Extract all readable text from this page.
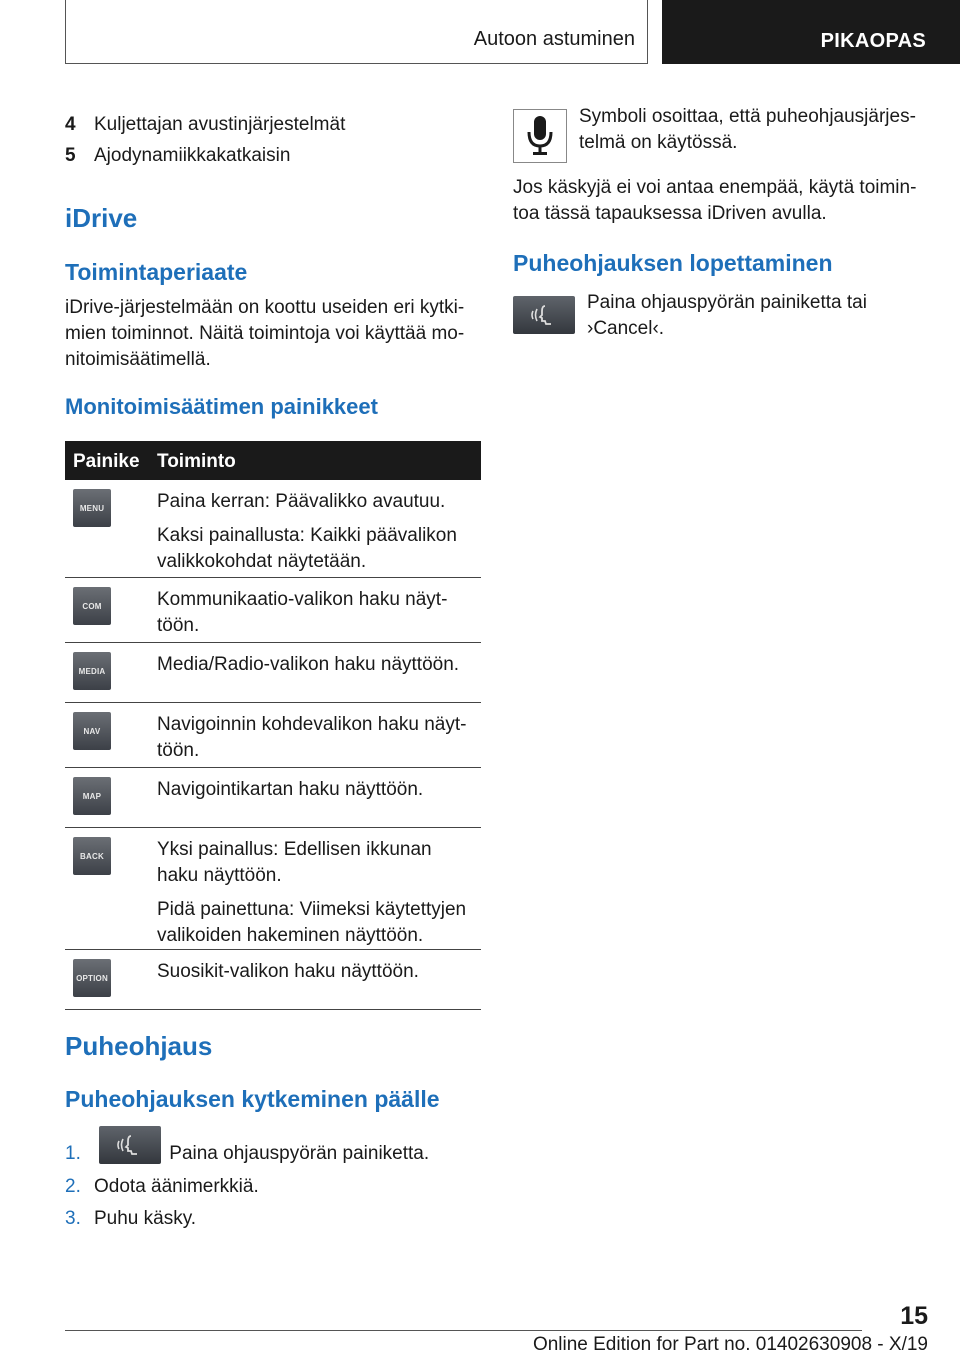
Autoon astuminen	PIKAOPAS
4 Kuljettajan avustinjärjestelmät
5 Ajodynamiikkakatkaisin
iDrive
Toimintaperiaate
iDrive-järjestelmään on koottu useiden eri kytki-
mien toiminnot. Näitä toimintoja voi käyttää mo-
nitoimisäätimellä.
Monitoimisäätimen painikkeet
Painike Toiminto
MENU	Paina kerran: Päävalikko avautuu.

Kaksi painallusta: Kaikki päävalikon valikkokohdat näytetään.

COM	Kommunikaatio-valikon haku näyt- töön.

MEDIA	Media/Radio-valikon haku näyttöön.

NAV	Navigoinnin kohdevalikon haku näyt- töön.

MAP	Navigointikartan haku näyttöön.

BACK	Yksi painallus: Edellisen ikkunan haku näyttöön.

Pidä painettuna: Viimeksi käytettyjen valikoiden hakeminen näyttöön.

OPTION	Suosikit-valikon haku näyttöön.

Puheohjaus
Puheohjauksen kytkeminen päälle
1.	Paina ohjauspyörän painiketta.
2. Odota äänimerkkiä.
3. Puhu käsky.
Symboli osoittaa, että puheohjausjärjes-
telmä on käytössä.
Jos käskyjä ei voi antaa enempää, käytä toimin-
toa tässä tapauksessa iDriven avulla.
Puheohjauksen lopettaminen
Paina ohjauspyörän painiketta tai
›Cancel‹.
15
Online Edition for Part no. 01402630908 - X/19
